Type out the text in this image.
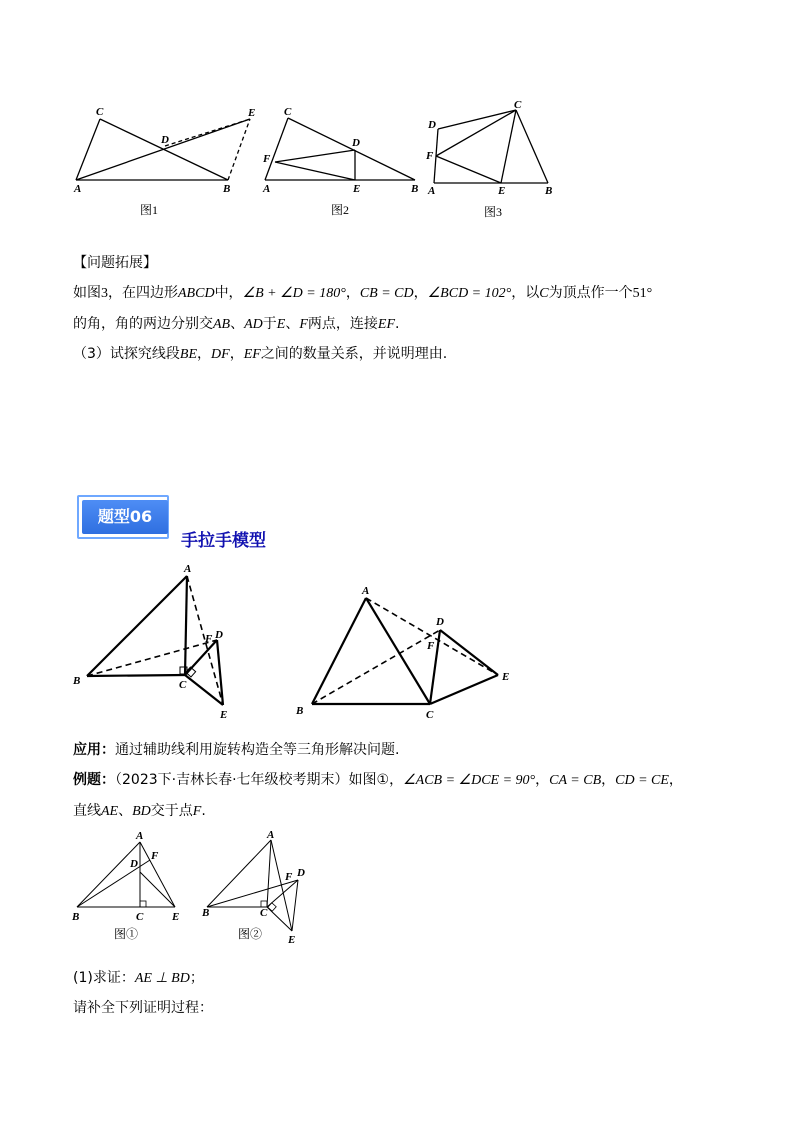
C
D
E
A	B
图1
C
D
F
A	E	B
图2
C
D
F
A	E	B
图3
【问题拓展】
如图3，在四边形ABCD中，∠B + ∠D = 180°，CB = CD，∠BCD = 102°，以C为顶点作一个51°
的角，角的两边分别交AB、AD于E、F两点，连接EF.
（3）试探究线段BE，DF，EF之间的数量关系，并说明理由.
题型06
手拉手模型
A
F D
B	C
E
A
D
F
E
B	C
应用：通过辅助线利用旋转构造全等三角形解决问题.
例题：（2023下·吉林长春·七年级校考期末）如图①，∠ACB = ∠DCE = 90°，CA = CB，CD = CE，
直线AE、BD交于点F.
A
D
F
B	C	E
图①
A
F D
B	C
E
图②
(1)求证：AE ⊥ BD；
请补全下列证明过程：
